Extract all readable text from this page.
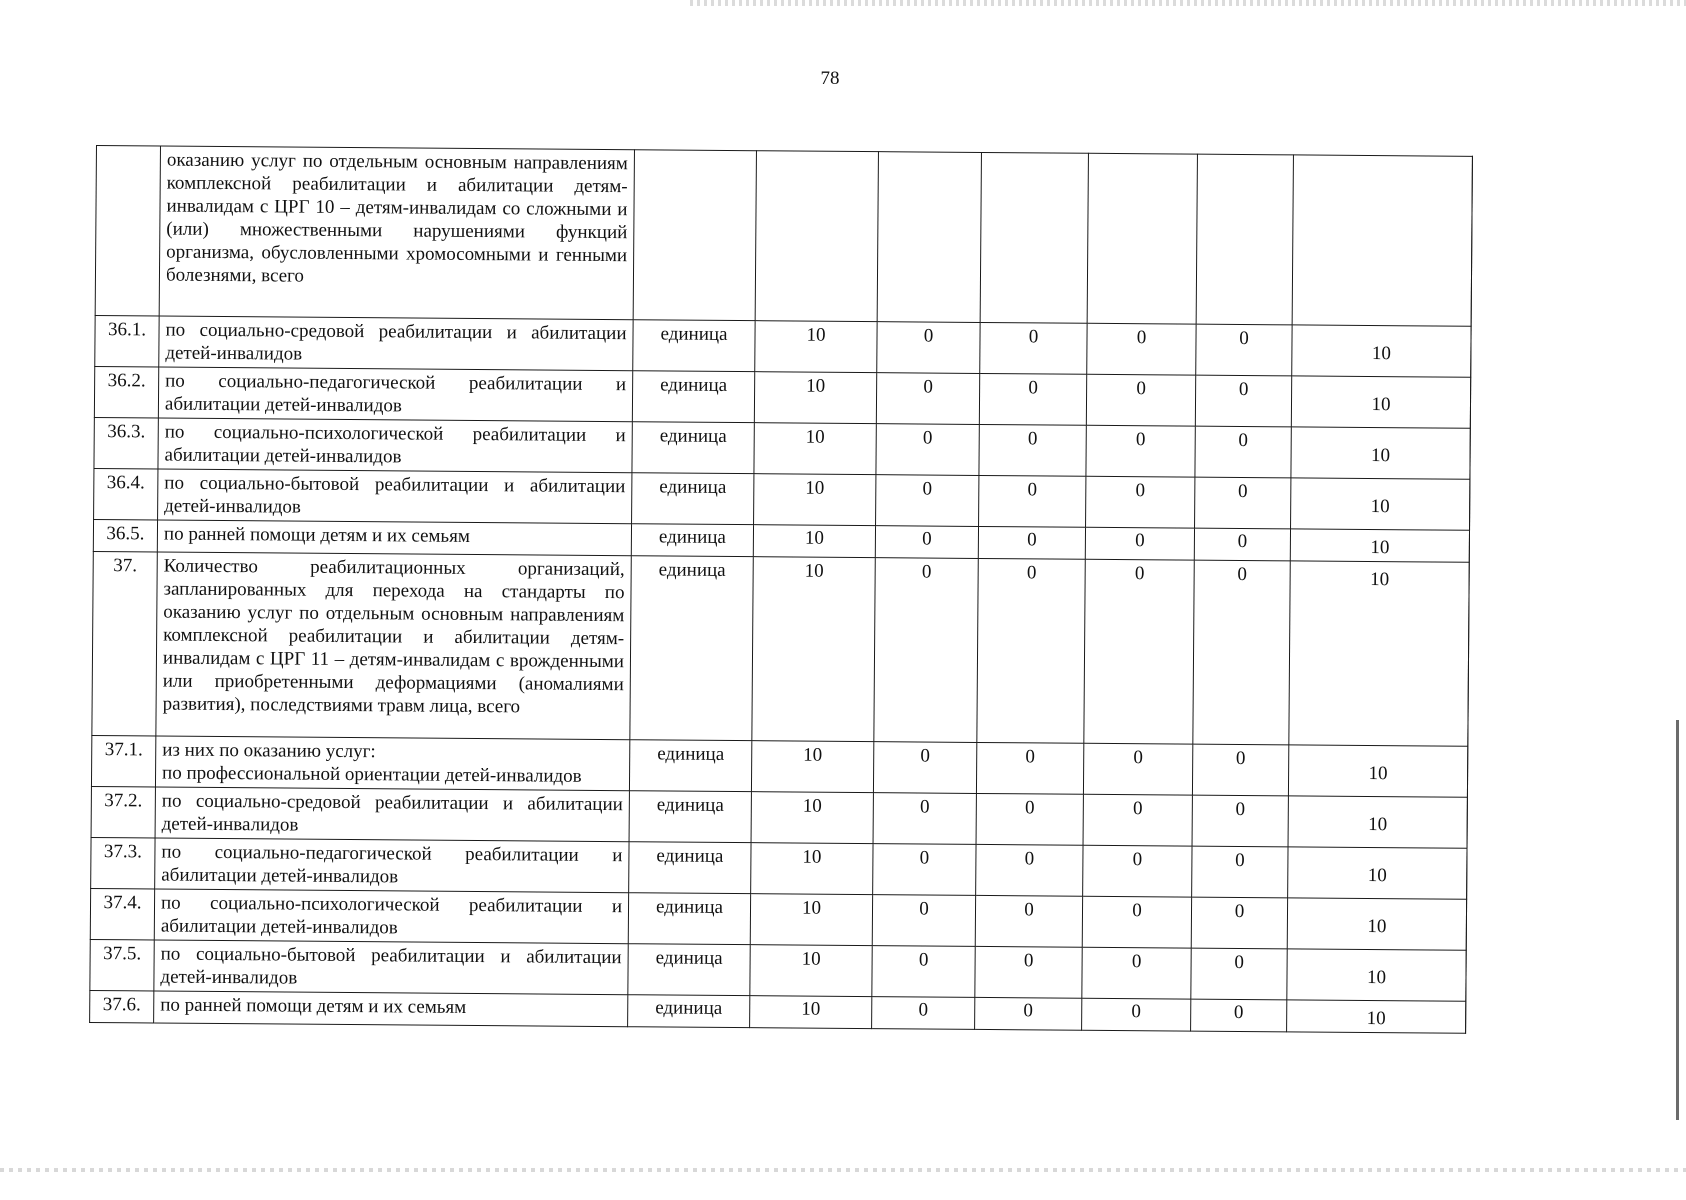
78
	оказанию услуг по отдельным основным направлениям комплексной реабилитации и абилитации детям-инвалидам с ЦРГ 10 – детям-инвалидам со сложными и (или) множественными нарушениями функций организма, обусловленными хромосомными и генными болезнями, всего								
36.1.	по социально-средовой реабилитации и абилитации детей-инвалидов	единица	10	0	0	0	0	10	
36.2.	по социально-педагогической реабилитации и абилитации детей-инвалидов	единица	10	0	0	0	0	10	
36.3.	по социально-психологической реабилитации и абилитации детей-инвалидов	единица	10	0	0	0	0	10	
36.4.	по социально-бытовой реабилитации и абилитации детей-инвалидов	единица	10	0	0	0	0	10	
36.5.	по ранней помощи детям и их семьям	единица	10	0	0	0	0	10	
37.	Количество реабилитационных организаций, запланированных для перехода на стандарты по оказанию услуг по отдельным основным направлениям комплексной реабилитации и абилитации детям-инвалидам с ЦРГ 11 – детям-инвалидам с врожденными или приобретенными деформациями (аномалиями развития), последствиями травм лица, всего	единица	10	0	0	0	0	10	
37.1.	из них по оказанию услуг:
по профессиональной ориентации детей-инвалидов	единица	10	0	0	0	0	10	
37.2.	по социально-средовой реабилитации и абилитации детей-инвалидов	единица	10	0	0	0	0	10	
37.3.	по социально-педагогической реабилитации и абилитации детей-инвалидов	единица	10	0	0	0	0	10	
37.4.	по социально-психологической реабилитации и абилитации детей-инвалидов	единица	10	0	0	0	0	10	
37.5.	по социально-бытовой реабилитации и абилитации детей-инвалидов	единица	10	0	0	0	0	10	
37.6.	по ранней помощи детям и их семьям	единица	10	0	0	0	0	10	
